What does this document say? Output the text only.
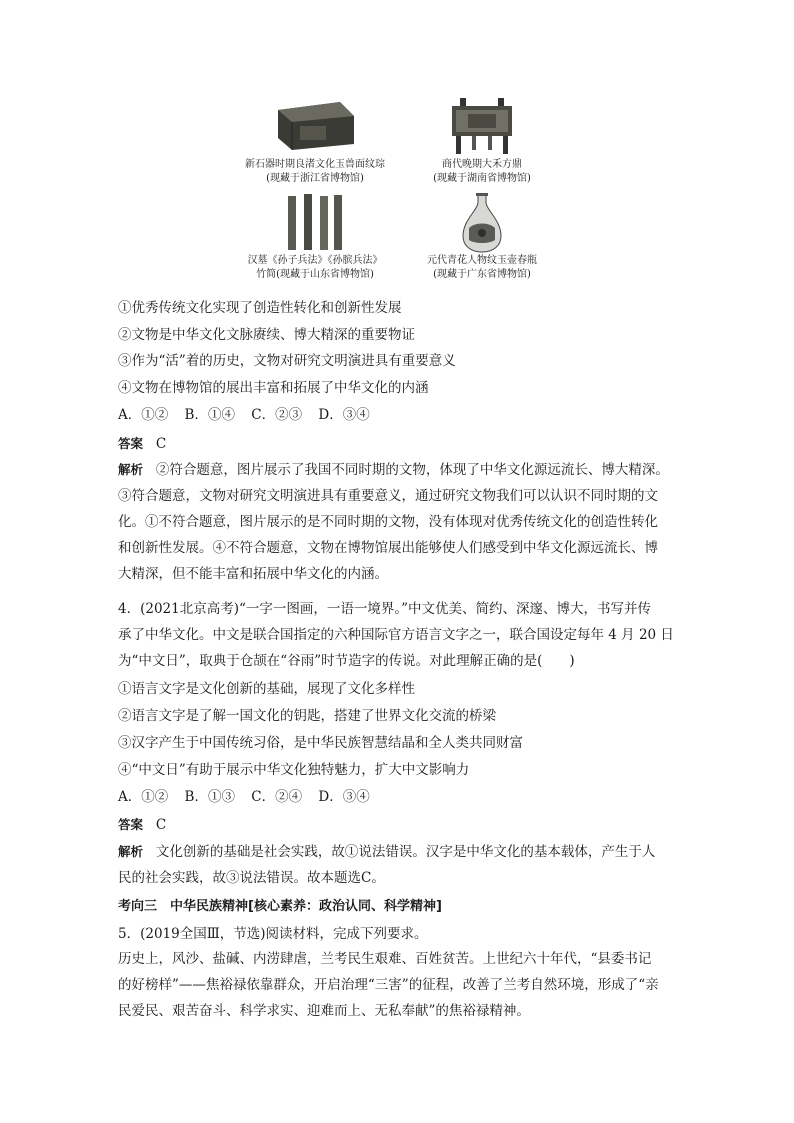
新石器时期良渚文化玉兽面纹琮
(现藏于浙江省博物馆)
商代晚期大禾方鼎
(现藏于湖南省博物馆)
汉墓《孙子兵法》《孙膑兵法》
竹简(现藏于山东省博物馆)
元代青花人物纹玉壶春瓶
(现藏于广东省博物馆)
①优秀传统文化实现了创造性转化和创新性发展
②文物是中华文化文脉赓续、博大精深的重要物证
③作为“活”着的历史，文物对研究文明演进具有重要意义
④文物在博物馆的展出丰富和拓展了中华文化的内涵
A．①② B．①④ C．②③ D．③④
答案 C
解析 ②符合题意，图片展示了我国不同时期的文物，体现了中华文化源远流长、博大精深。
③符合题意，文物对研究文明演进具有重要意义，通过研究文物我们可以认识不同时期的文
化。①不符合题意，图片展示的是不同时期的文物，没有体现对优秀传统文化的创造性转化
和创新性发展。④不符合题意，文物在博物馆展出能够使人们感受到中华文化源远流长、博
大精深，但不能丰富和拓展中华文化的内涵。
4．(2021北京高考)“一字一图画，一语一境界。”中文优美、简约、深邃、博大，书写并传
承了中华文化。中文是联合国指定的六种国际官方语言文字之一，联合国设定每年 4 月 20 日
为“中文日”，取典于仓颉在“谷雨”时节造字的传说。对此理解正确的是(　　)
①语言文字是文化创新的基础，展现了文化多样性
②语言文字是了解一国文化的钥匙，搭建了世界文化交流的桥梁
③汉字产生于中国传统习俗，是中华民族智慧结晶和全人类共同财富
④“中文日”有助于展示中华文化独特魅力，扩大中文影响力
A．①② B．①③ C．②④ D．③④
答案 C
解析 文化创新的基础是社会实践，故①说法错误。汉字是中华文化的基本载体，产生于人
民的社会实践，故③说法错误。故本题选C。
考向三　中华民族精神[核心素养：政治认同、科学精神]
5．(2019全国Ⅲ，节选)阅读材料，完成下列要求。
历史上，风沙、盐碱、内涝肆虐，兰考民生艰难、百姓贫苦。上世纪六十年代，“县委书记
的好榜样”——焦裕禄依靠群众，开启治理“三害”的征程，改善了兰考自然环境，形成了“亲
民爱民、艰苦奋斗、科学求实、迎难而上、无私奉献”的焦裕禄精神。
